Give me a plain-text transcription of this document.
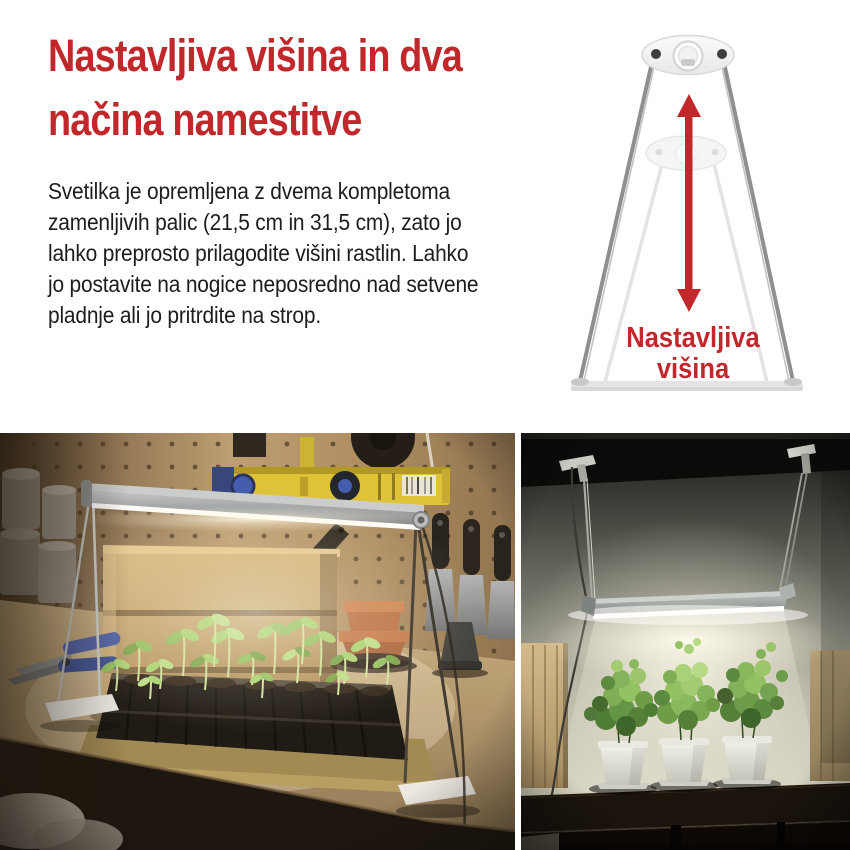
Nastavljiva višina in dva
načina namestitve

Svetilka je opremljena z dvema kompletoma
zamenljivih palic (21,5 cm in 31,5 cm), zato jo
lahko preprosto prilagodite višini rastlin. Lahko
jo postavite na nogice neposredno nad setvene
pladnje ali jo pritrdite na strop.

Nastavljiva
višina
